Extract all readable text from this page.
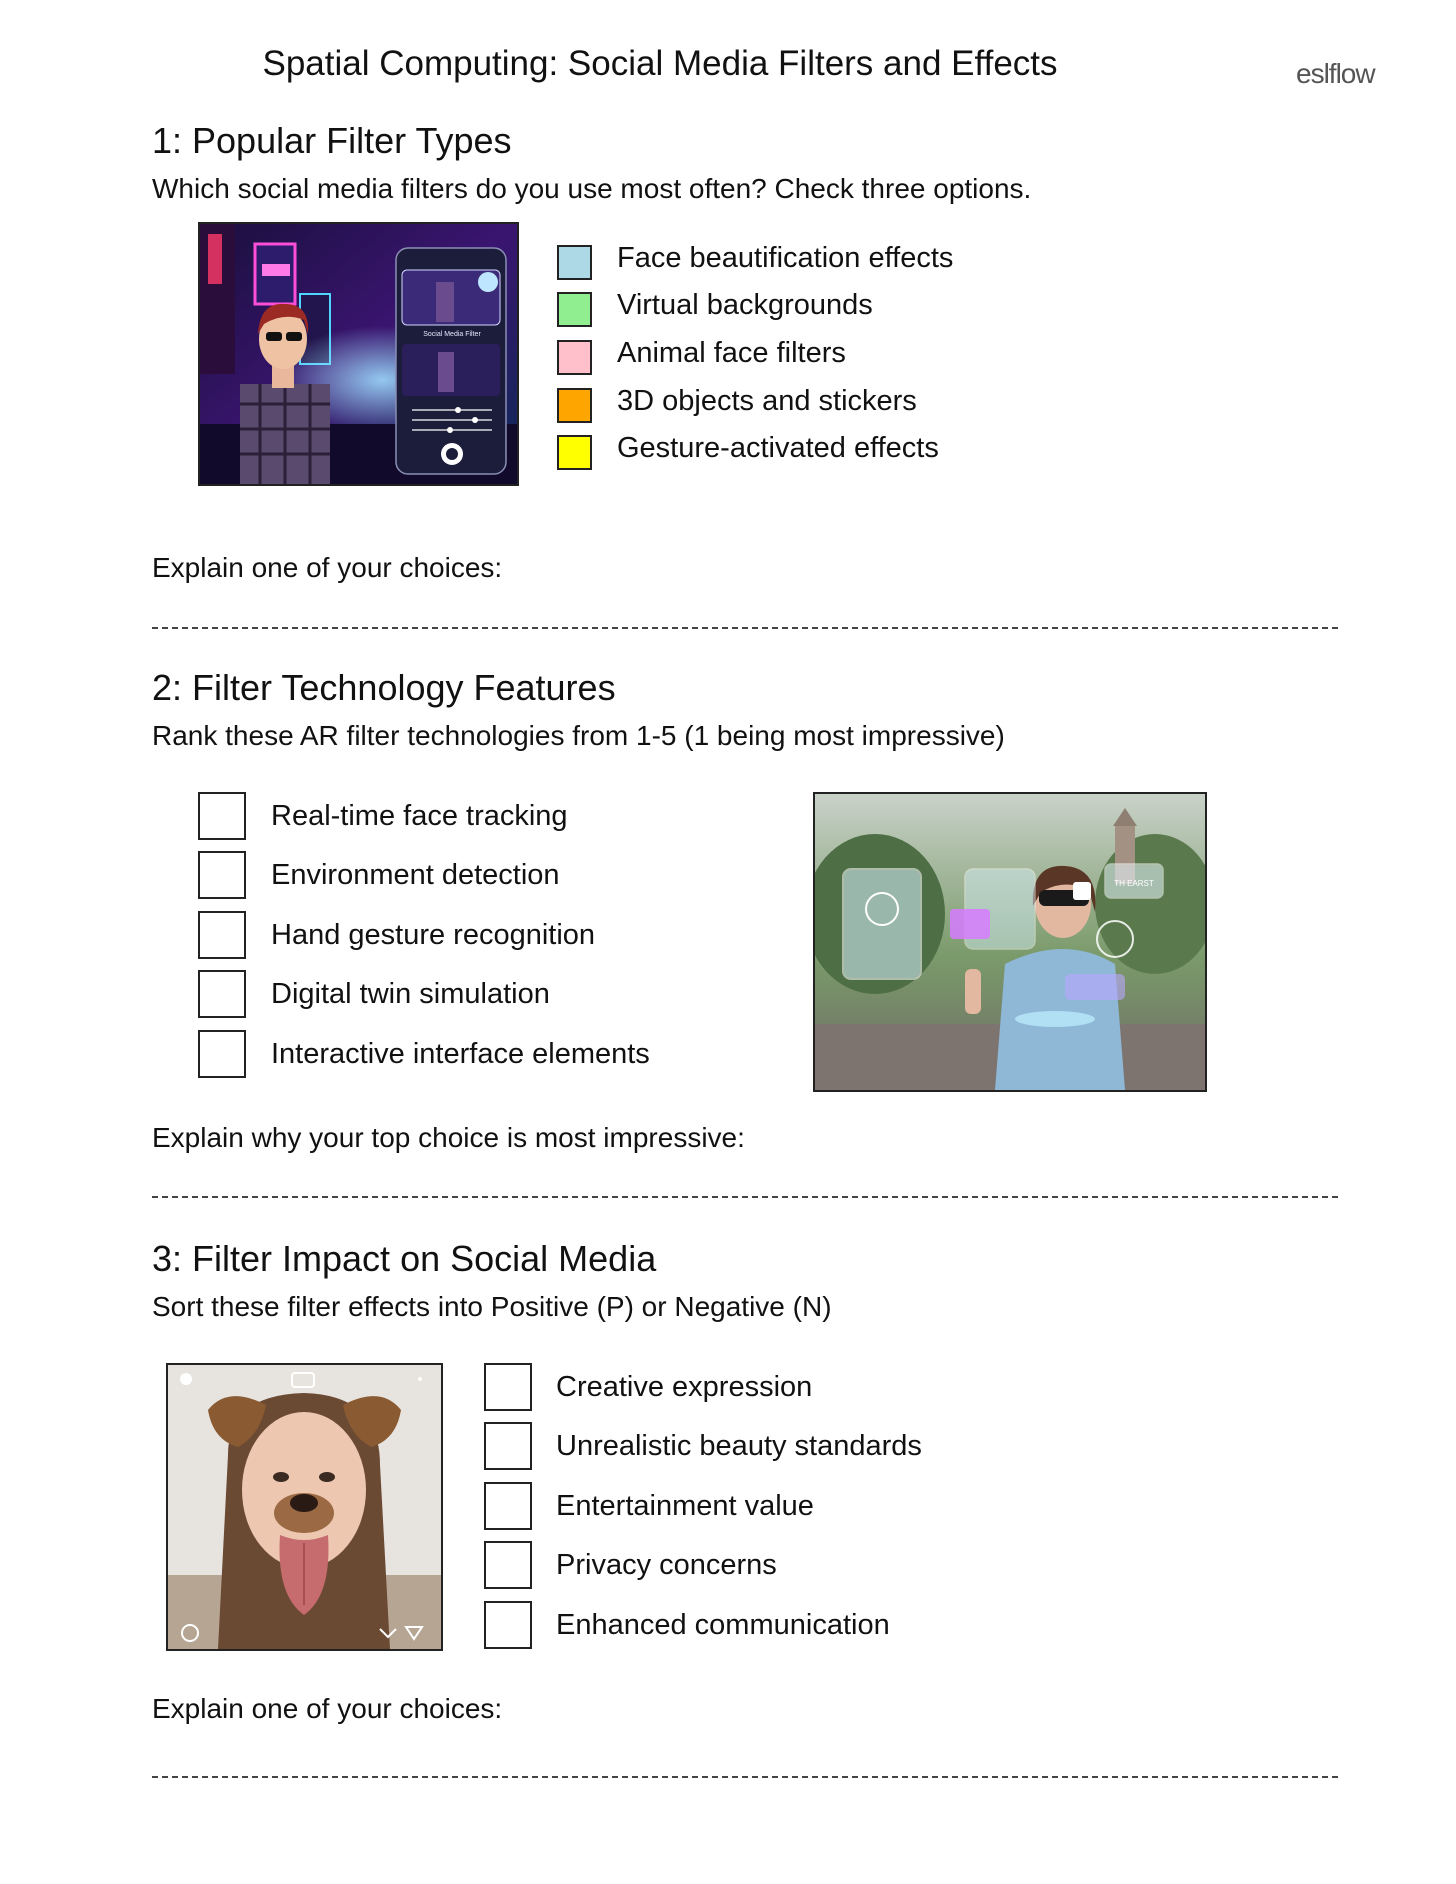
Spatial Computing: Social Media Filters and Effects	eslflow
1: Popular Filter Types
Which social media filters do you use most often? Check three options.
Social Media Filter
Face beautification effects
Virtual backgrounds
Animal face filters
3D objects and stickers
Gesture-activated effects
Explain one of your choices:
2: Filter Technology Features
Rank these AR filter technologies from 1-5 (1 being most impressive)
Real-time face tracking
Environment detection
Hand gesture recognition
Digital twin simulation
Interactive interface elements
TH EARST
Explain why your top choice is most impressive:
3: Filter Impact on Social Media
Sort these filter effects into Positive (P) or Negative (N)
Creative expression
Unrealistic beauty standards
Entertainment value
Privacy concerns
Enhanced communication
Explain one of your choices:
